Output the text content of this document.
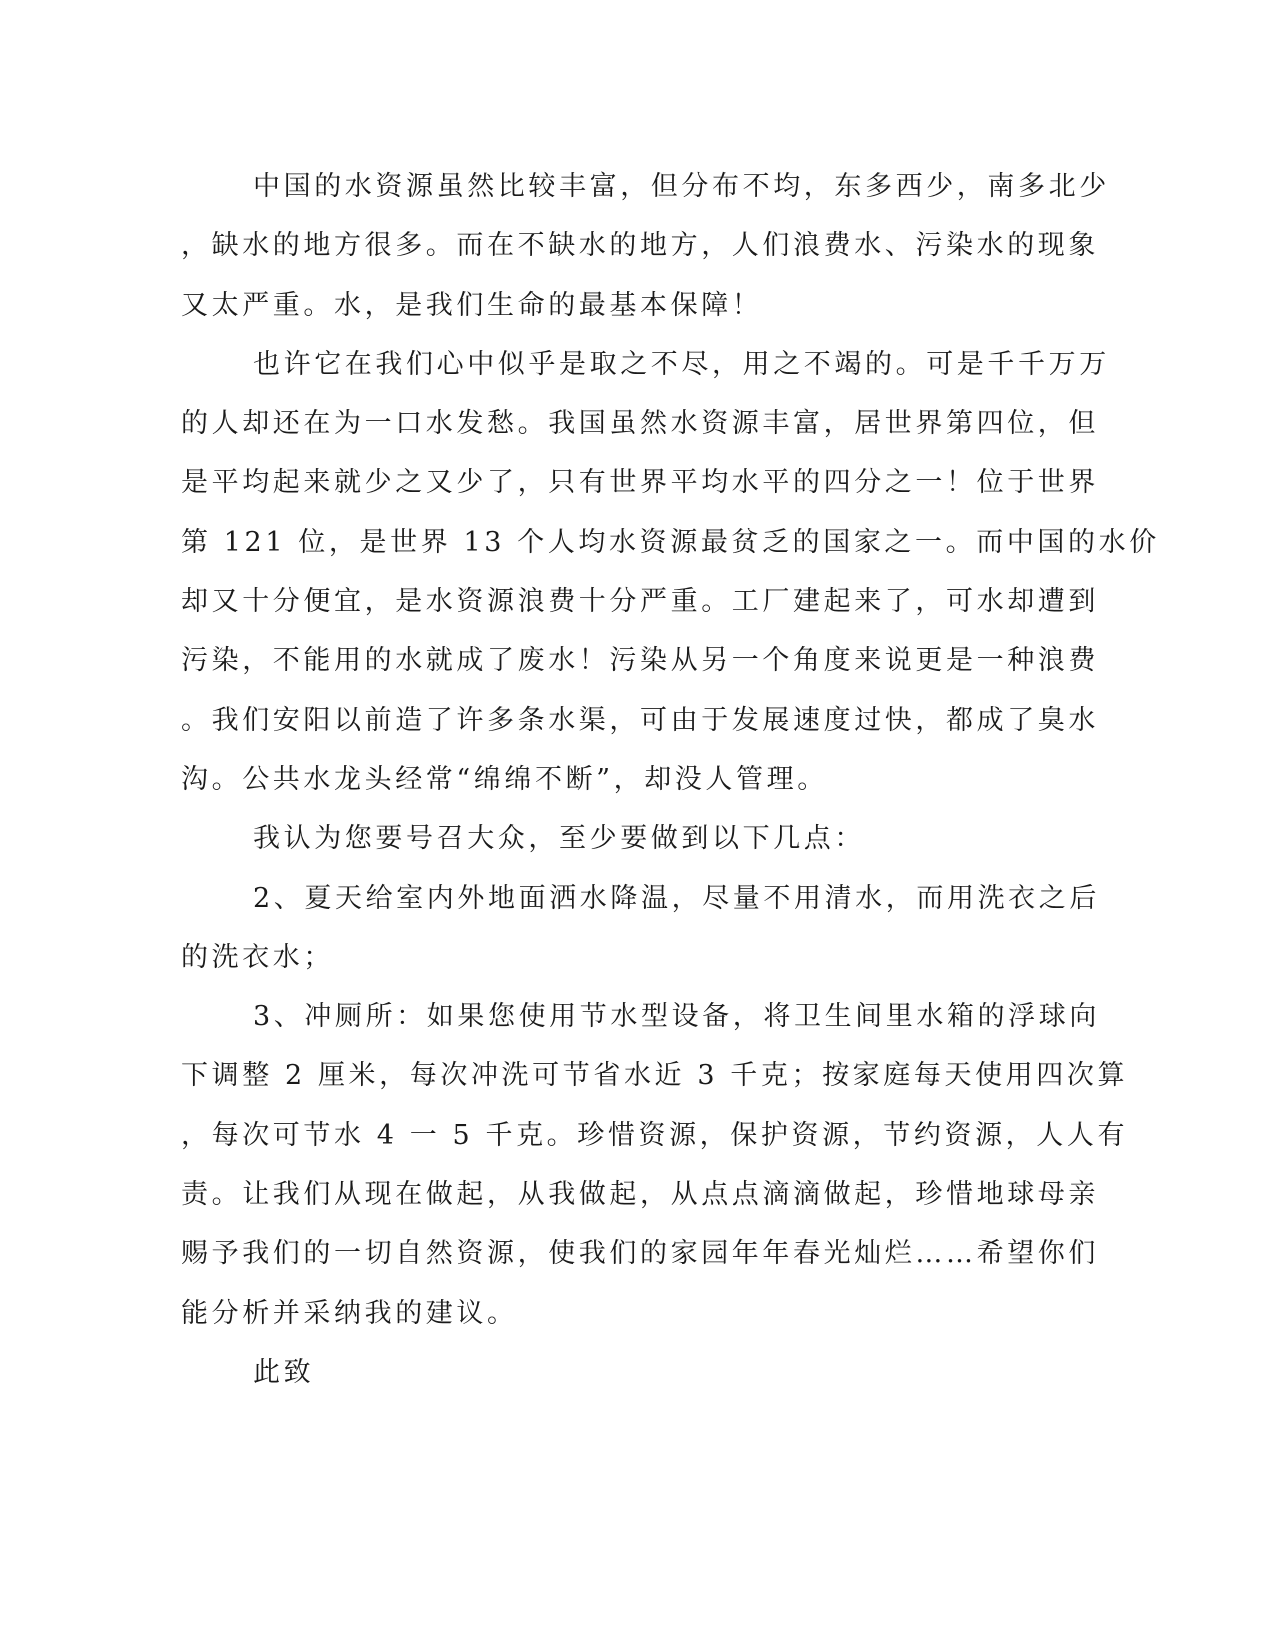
中国的水资源虽然比较丰富，但分布不均，东多西少，南多北少
，缺水的地方很多。而在不缺水的地方，人们浪费水、污染水的现象
又太严重。水，是我们生命的最基本保障！
也许它在我们心中似乎是取之不尽，用之不竭的。可是千千万万
的人却还在为一口水发愁。我国虽然水资源丰富，居世界第四位，但
是平均起来就少之又少了，只有世界平均水平的四分之一！位于世界
第 121 位，是世界 13 个人均水资源最贫乏的国家之一。而中国的水价
却又十分便宜，是水资源浪费十分严重。工厂建起来了，可水却遭到
污染，不能用的水就成了废水！污染从另一个角度来说更是一种浪费
。我们安阳以前造了许多条水渠，可由于发展速度过快，都成了臭水
沟。公共水龙头经常“绵绵不断”，却没人管理。
我认为您要号召大众，至少要做到以下几点：
2、夏天给室内外地面洒水降温，尽量不用清水，而用洗衣之后
的洗衣水；
3、冲厕所：如果您使用节水型设备，将卫生间里水箱的浮球向
下调整 2 厘米，每次冲洗可节省水近 3 千克；按家庭每天使用四次算
，每次可节水 4 一 5 千克。珍惜资源，保护资源，节约资源，人人有
责。让我们从现在做起，从我做起，从点点滴滴做起，珍惜地球母亲
赐予我们的一切自然资源，使我们的家园年年春光灿烂……希望你们
能分析并采纳我的建议。
此致
